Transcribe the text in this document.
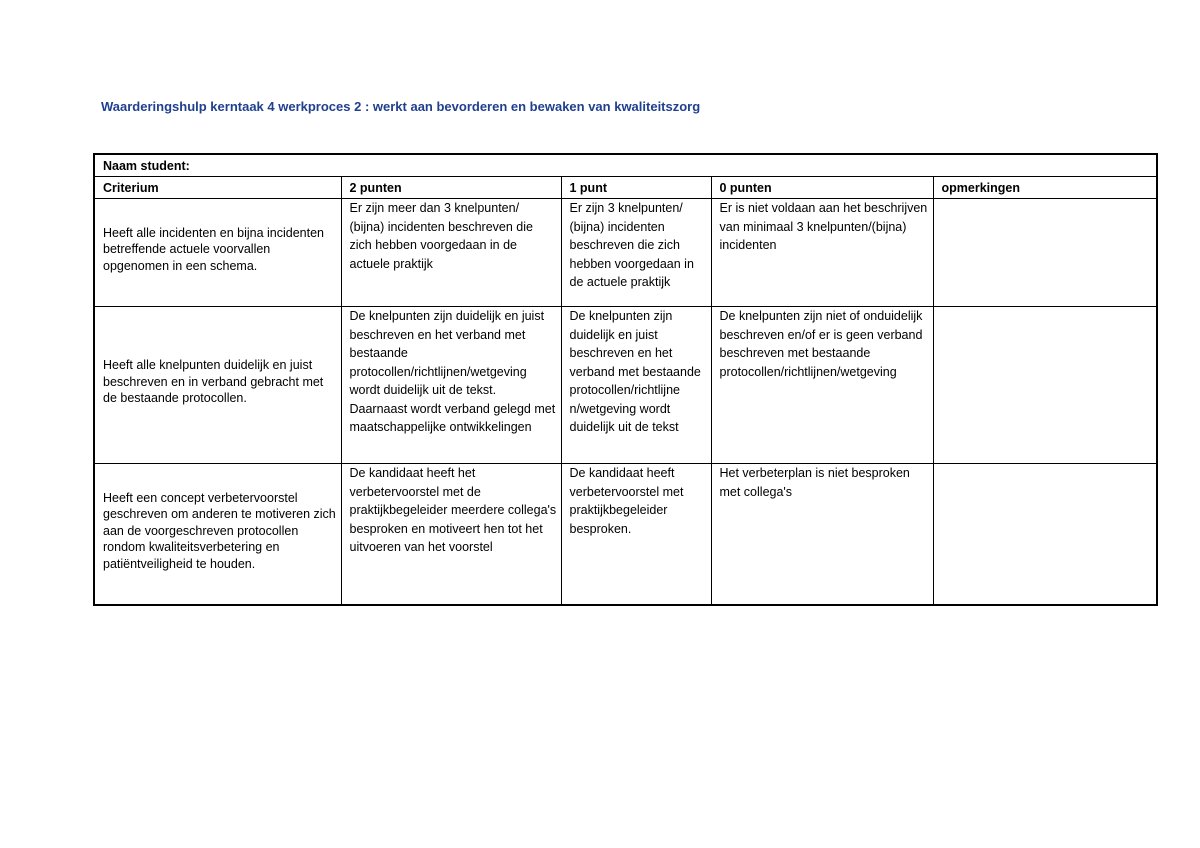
Waarderingshulp kerntaak 4 werkproces 2 : werkt aan bevorderen en bewaken van kwaliteitszorg
Naam student:				
Criterium	2 punten	1 punt	0 punten	opmerkingen
Heeft alle incidenten en bijna incidenten betreffende actuele voorvallen opgenomen in een schema.	Er zijn meer dan 3 knelpunten/ (bijna) incidenten beschreven die zich hebben voorgedaan in de actuele praktijk	Er zijn 3 knelpunten/ (bijna) incidenten beschreven die zich hebben voorgedaan in de actuele praktijk	Er is niet voldaan aan het beschrijven van minimaal 3 knelpunten/(bijna) incidenten	
Heeft alle knelpunten duidelijk en juist beschreven en in verband gebracht met de bestaande protocollen.	De knelpunten zijn duidelijk en juist beschreven en het verband met bestaande protocollen/richtlijnen/wetgeving wordt duidelijk uit de tekst. Daarnaast wordt verband gelegd met maatschappelijke ontwikkelingen	De knelpunten zijn duidelijk en juist beschreven en het verband met bestaande protocollen/richtlijne n/wetgeving wordt duidelijk uit de tekst	De knelpunten zijn niet of onduidelijk beschreven en/of er is geen verband beschreven met bestaande protocollen/richtlijnen/wetgeving	
Heeft een concept verbetervoorstel geschreven om anderen te motiveren zich aan de voorgeschreven protocollen rondom kwaliteitsverbetering en patiëntveiligheid te houden.	De kandidaat heeft het verbetervoorstel met de praktijkbegeleider meerdere collega's besproken en motiveert hen tot het uitvoeren van het voorstel	De kandidaat heeft verbetervoorstel met praktijkbegeleider besproken.	Het verbeterplan is niet besproken met collega's	
